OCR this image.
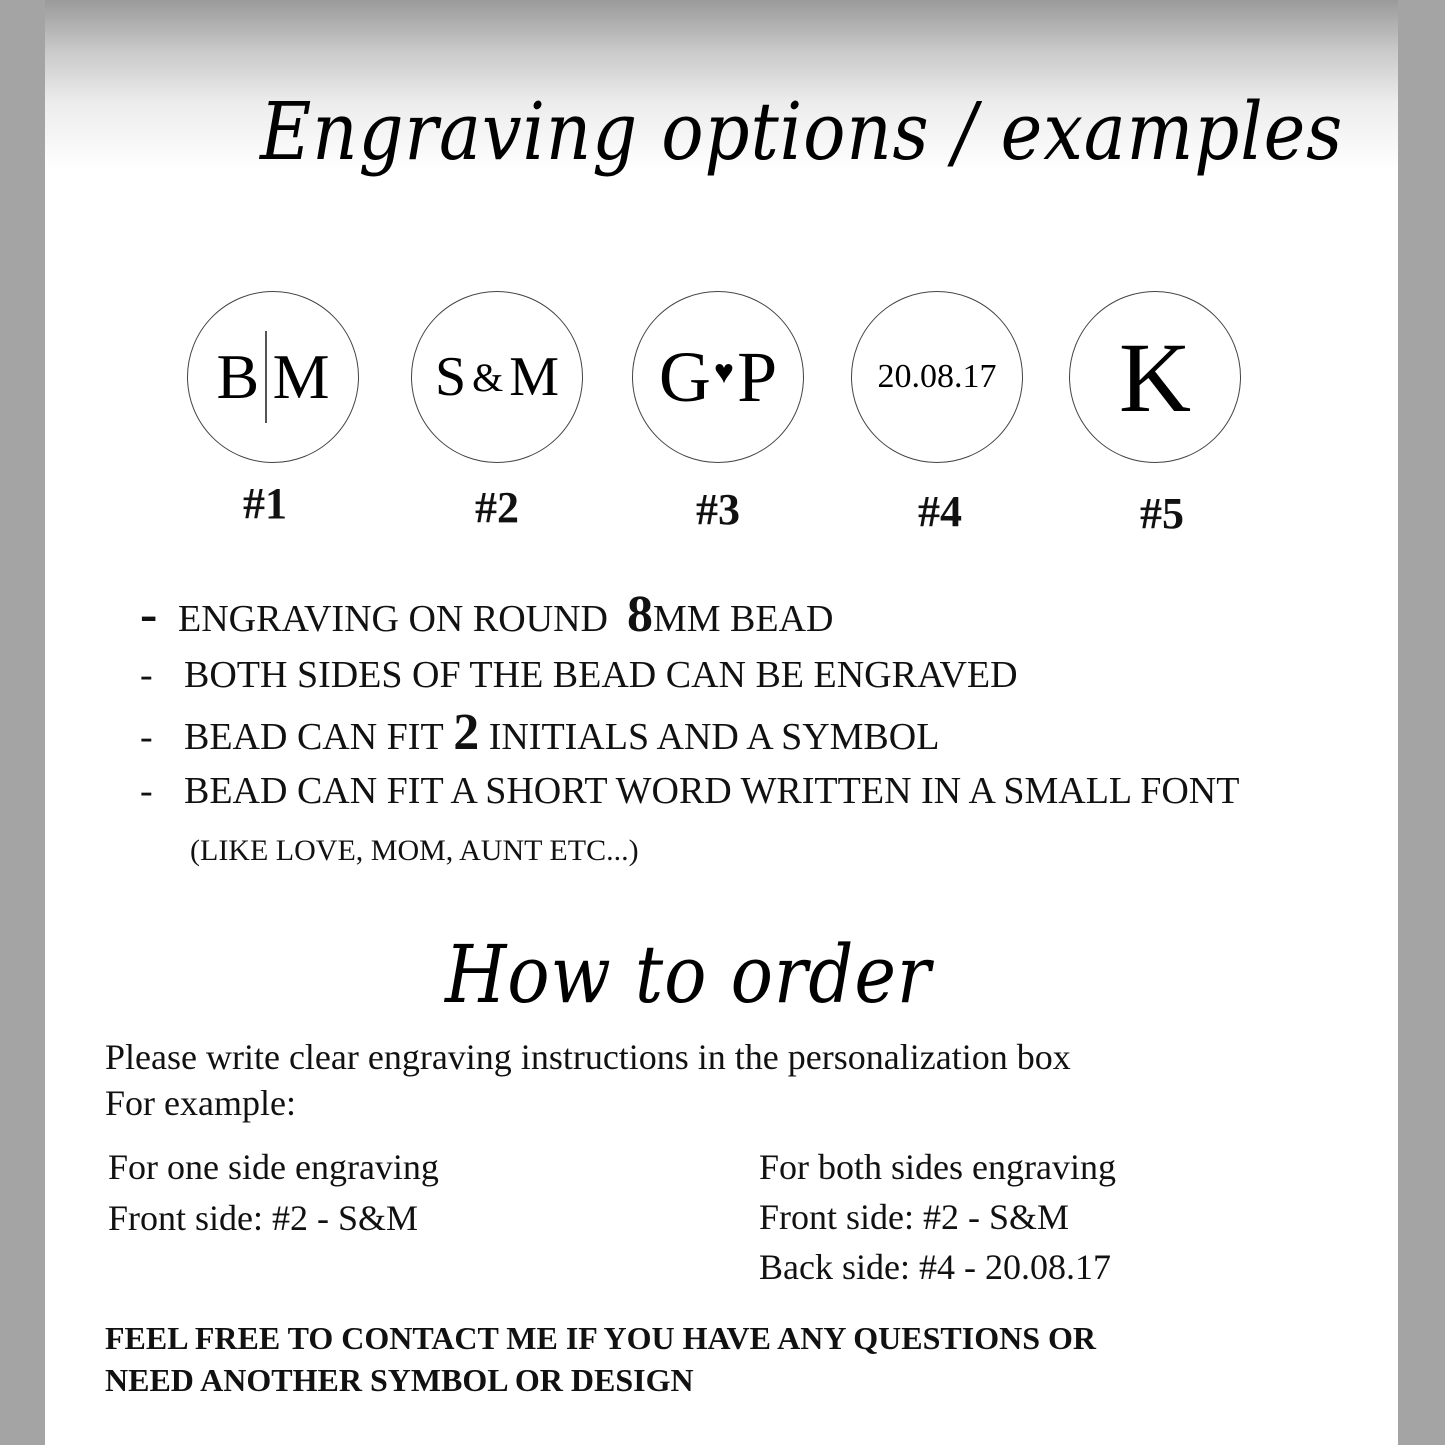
Engraving options / examples
B M
#1
S & M
#2
G ♥ P
#3
20.08.17
#4
K
#5
- ENGRAVING ON ROUND 8MM BEAD
- BOTH SIDES OF THE BEAD CAN BE ENGRAVED
- BEAD CAN FIT 2 INITIALS AND A SYMBOL
- BEAD CAN FIT A SHORT WORD WRITTEN IN A SMALL FONT
(LIKE LOVE, MOM, AUNT ETC...)
How to order
Please write clear engraving instructions in the personalization box
For example:
For one side engraving
Front side: #2 - S&M
For both sides engraving
Front side: #2 - S&M
Back side: #4 - 20.08.17
FEEL FREE TO CONTACT ME IF YOU HAVE ANY QUESTIONS OR
NEED ANOTHER SYMBOL OR DESIGN
